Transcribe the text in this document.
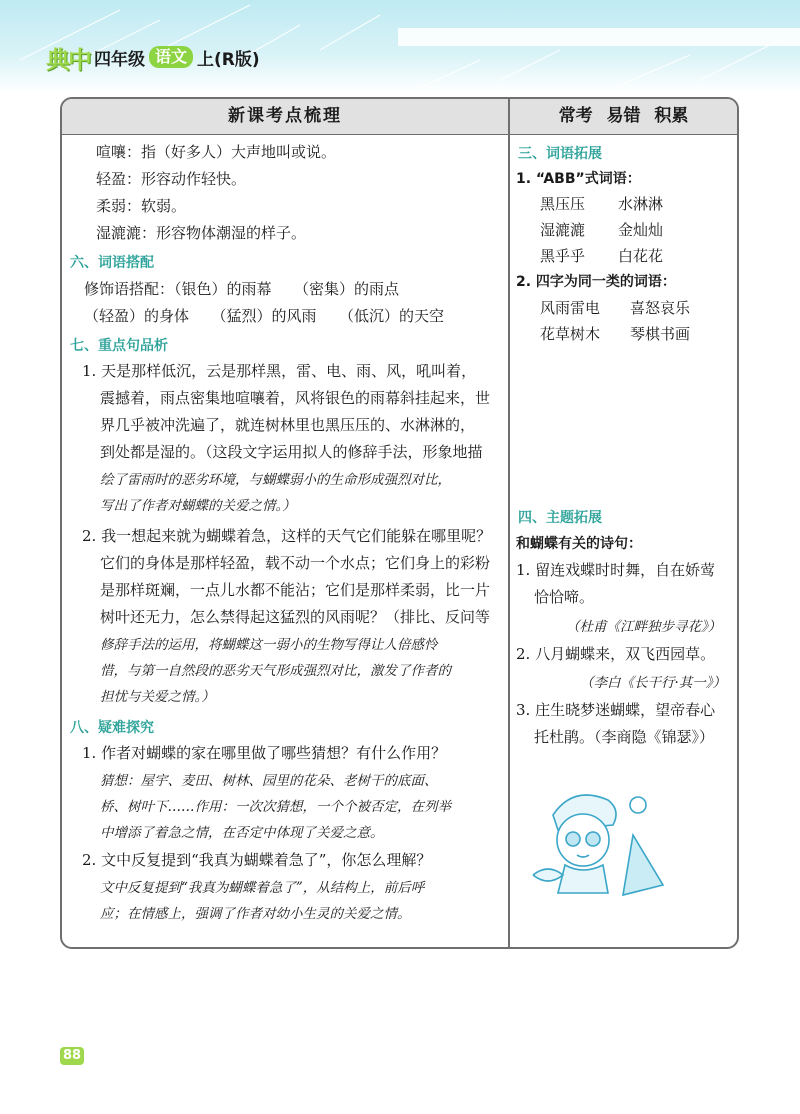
典中 四年级 语文 上(R版)
新课考点梳理	常考 易错 积累
喧嚷：指（好多人）大声地叫或说。
轻盈：形容动作轻快。
柔弱：软弱。
湿漉漉：形容物体潮湿的样子。
六、词语搭配
修饰语搭配：（银色）的雨幕　　（密集）的雨点
（轻盈）的身体　　（猛烈）的风雨　　（低沉）的天空
七、重点句品析
1. 天是那样低沉，云是那样黑，雷、电、雨、风，吼叫着，
震撼着，雨点密集地喧嚷着，风将银色的雨幕斜挂起来，世
界几乎被冲洗遍了，就连树林里也黑压压的、水淋淋的，
到处都是湿的。（这段文字运用拟人的修辞手法，形象地描
绘了雷雨时的恶劣环境，与蝴蝶弱小的生命形成强烈对比，
写出了作者对蝴蝶的关爱之情。）
2. 我一想起来就为蝴蝶着急，这样的天气它们能躲在哪里呢？
它们的身体是那样轻盈，载不动一个水点；它们身上的彩粉
是那样斑斓，一点儿水都不能沾；它们是那样柔弱，比一片
树叶还无力，怎么禁得起这猛烈的风雨呢？（排比、反问等
修辞手法的运用，将蝴蝶这一弱小的生物写得让人倍感怜
惜，与第一自然段的恶劣天气形成强烈对比，激发了作者的
担忧与关爱之情。）
八、疑难探究
1. 作者对蝴蝶的家在哪里做了哪些猜想？有什么作用？
猜想：屋宇、麦田、树林、园里的花朵、老树干的底面、
桥、树叶下……作用：一次次猜想，一个个被否定，在列举
中增添了着急之情，在否定中体现了关爱之意。
2. 文中反复提到“我真为蝴蝶着急了”，你怎么理解？
文中反复提到“我真为蝴蝶着急了”，从结构上，前后呼
应；在情感上，强调了作者对幼小生灵的关爱之情。
三、词语拓展
1. “ABB”式词语：
黑压压 水淋淋
湿漉漉 金灿灿
黑乎乎 白花花
2. 四字为同一类的词语：
风雨雷电 喜怒哀乐
花草树木 琴棋书画
四、主题拓展
和蝴蝶有关的诗句：
1. 留连戏蝶时时舞，自在娇莺
恰恰啼。
（杜甫《江畔独步寻花》）
2. 八月蝴蝶来，双飞西园草。
（李白《长干行·其一》）
3. 庄生晓梦迷蝴蝶，望帝春心
托杜鹃。（李商隐《锦瑟》）
88
